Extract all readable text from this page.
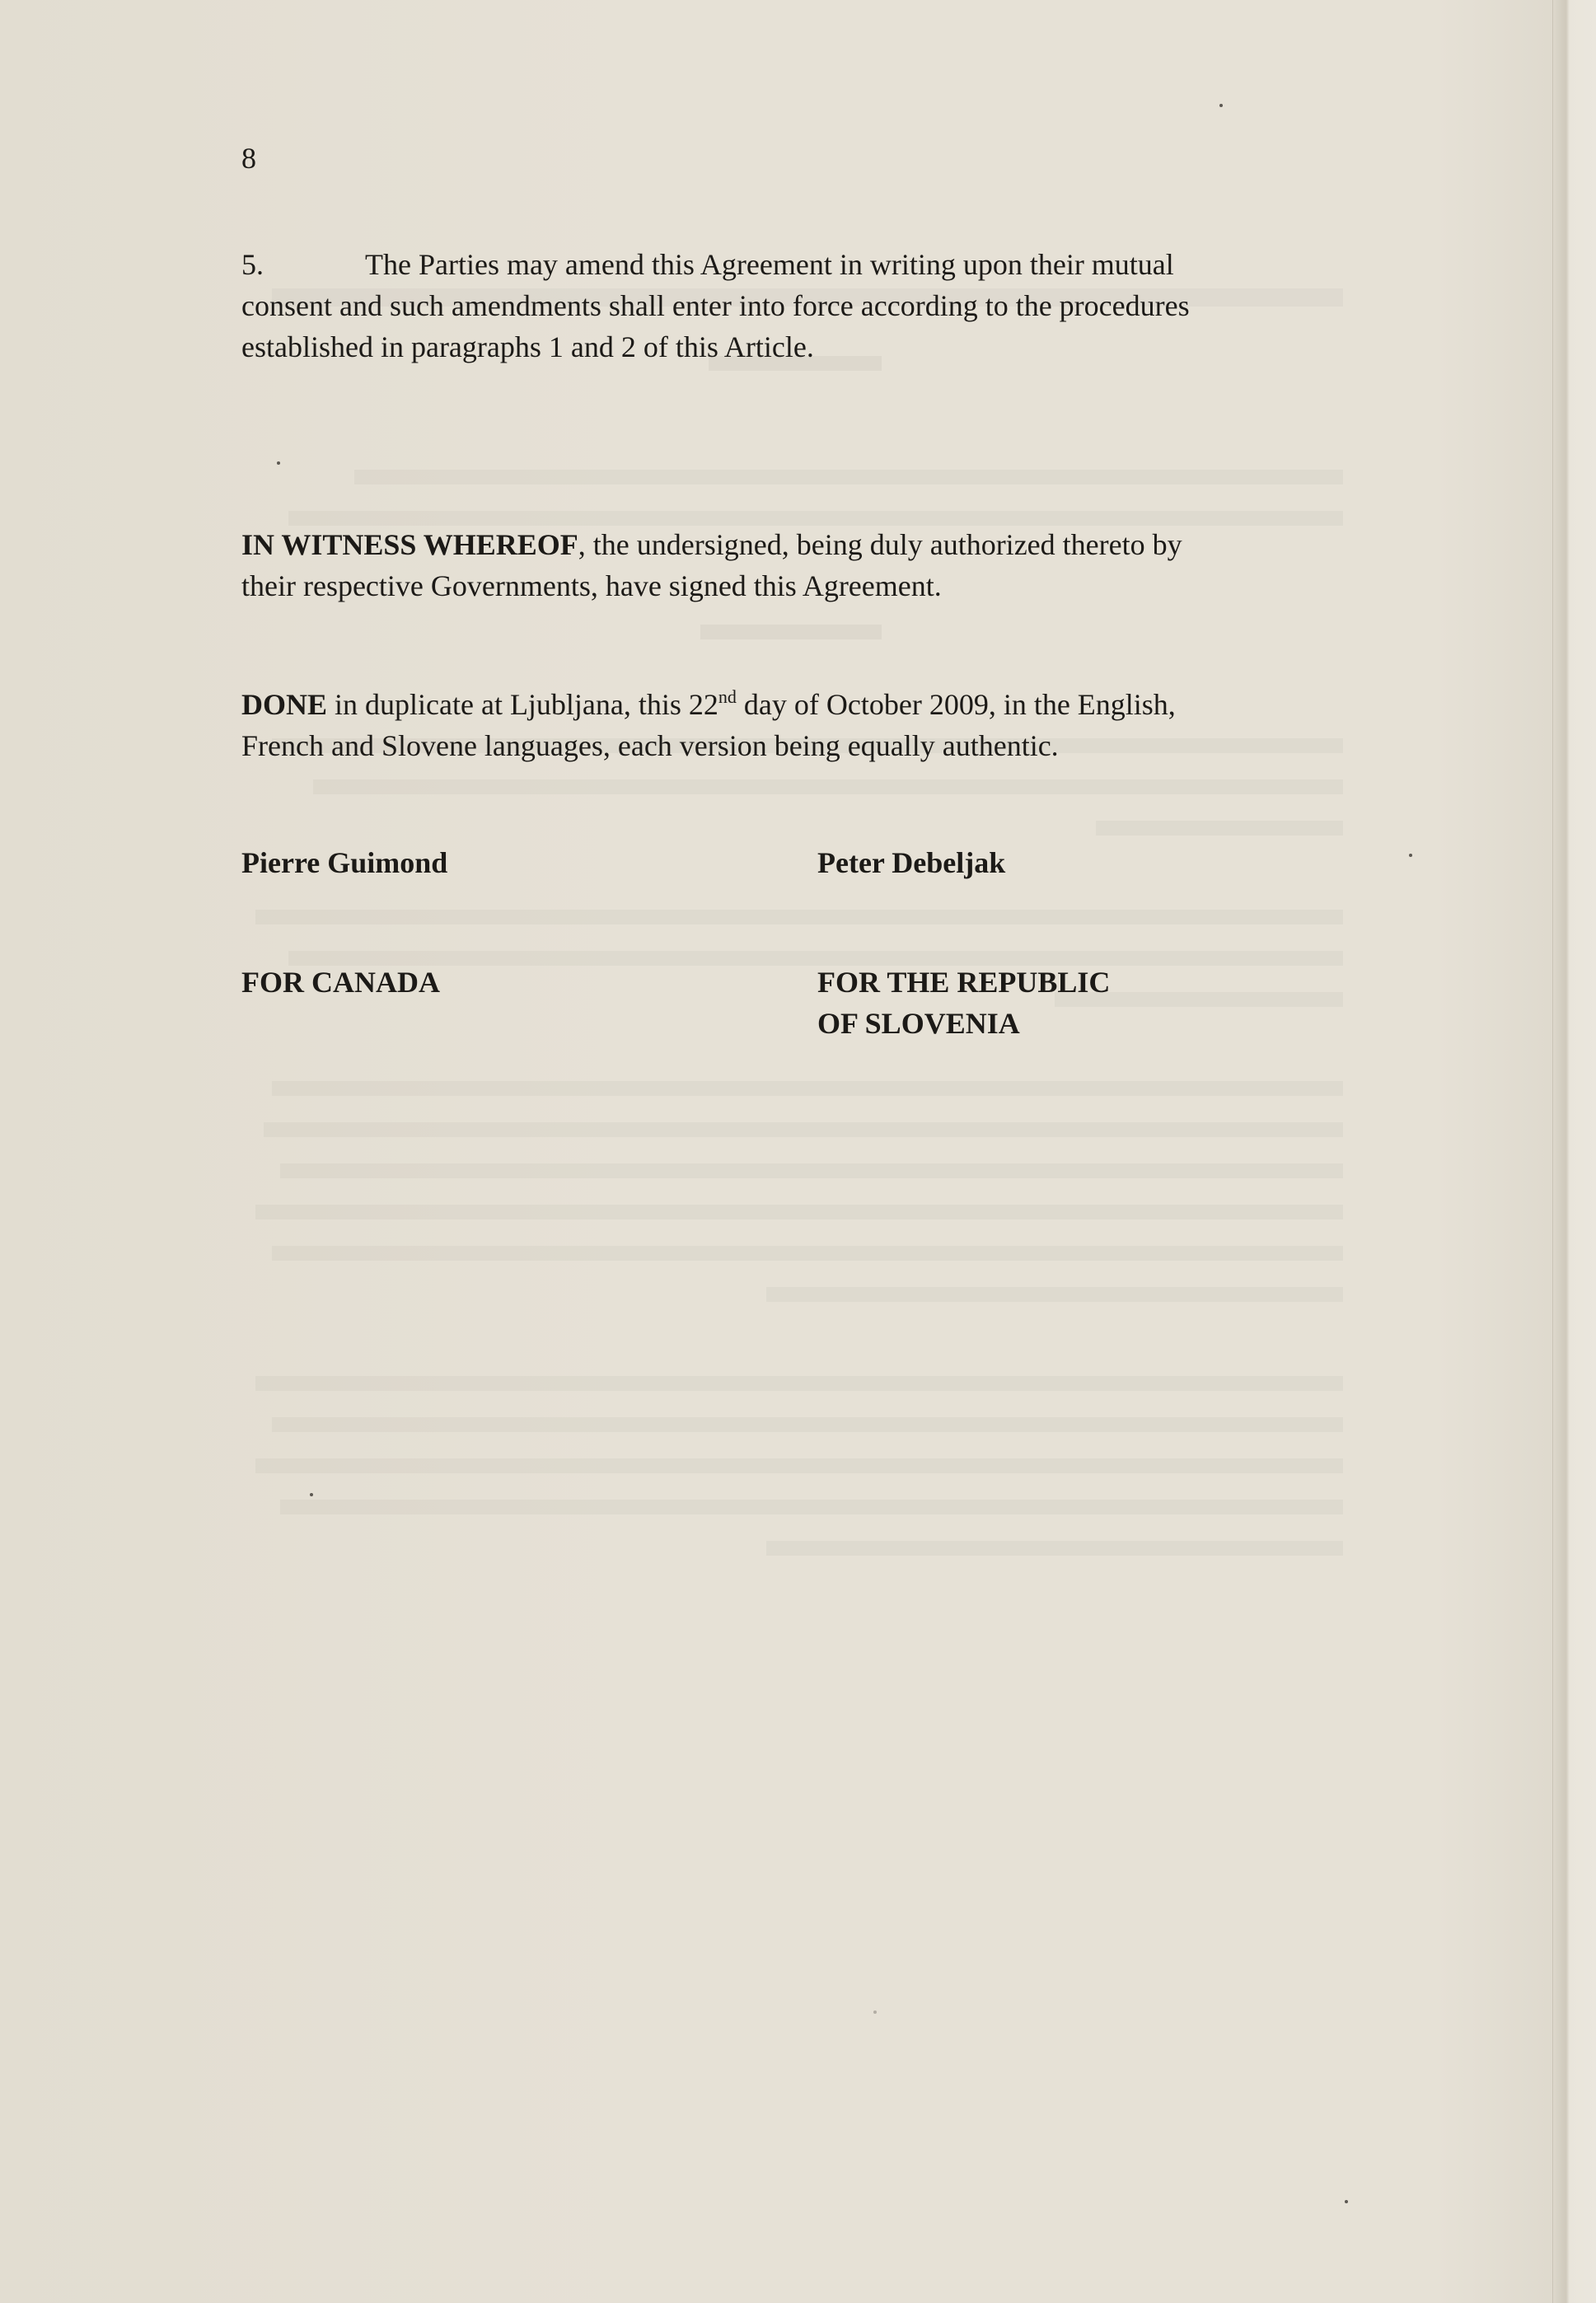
8
5.	The Parties may amend this Agreement in writing upon their mutual
consent and such amendments shall enter into force according to the procedures
established in paragraphs 1 and 2 of this Article.
IN WITNESS WHEREOF, the undersigned, being duly authorized thereto by
their respective Governments, have signed this Agreement.
DONE in duplicate at Ljubljana, this 22nd day of October 2009, in the English,
French and Slovene languages, each version being equally authentic.
Pierre Guimond	Peter Debeljak
FOR CANADA	FOR THE REPUBLIC
OF SLOVENIA
